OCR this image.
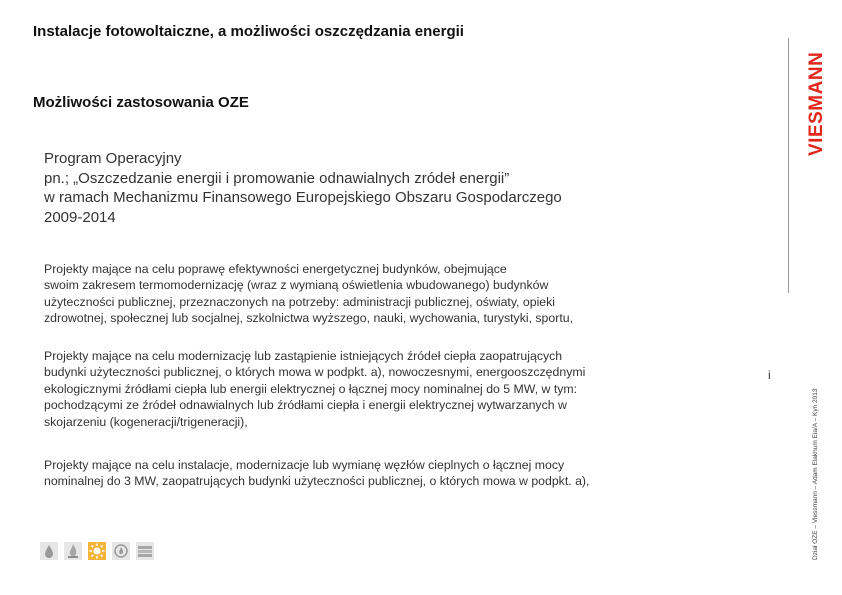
Instalacje fotowoltaiczne, a możliwości oszczędzania energii
Możliwości zastosowania OZE
Program Operacyjny
pn.; „Oszczedzanie energii i promowanie odnawialnych zródeł energii”
w ramach Mechanizmu Finansowego Europejskiego Obszaru Gospodarczego
2009-2014
Projekty mające na celu poprawę efektywności energetycznej budynków, obejmujące
swoim zakresem termomodernizację (wraz z wymianą oświetlenia wbudowanego) budynków
użyteczności publicznej, przeznaczonych na potrzeby: administracji publicznej, oświaty, opieki
zdrowotnej, społecznej lub socjalnej, szkolnictwa wyższego, nauki, wychowania, turystyki, sportu,
Projekty mające na celu modernizację lub zastąpienie istniejących źródeł ciepła zaopatrujących
budynki użyteczności publicznej, o których mowa w podpkt. a), nowoczesnymi, energooszczędnymi
ekologicznymi źródłami ciepła lub energii elektrycznej o łącznej mocy nominalnej do 5 MW, w tym:
pochodzącymi ze źródeł odnawialnych lub źródłami ciepła i energii elektrycznej wytwarzanych w
skojarzeniu (kogeneracji/trigeneracji),
Projekty mające na celu instalacje, modernizacje lub wymianę węzłów cieplnych o łącznej mocy
nominalnej do 3 MW, zaopatrujących budynki użyteczności publicznej, o których mowa w podpkt. a),
i
VIESMANN
Dział OZE – Viessmann – Adam Elakhum Eia/A – Kyn 2013
